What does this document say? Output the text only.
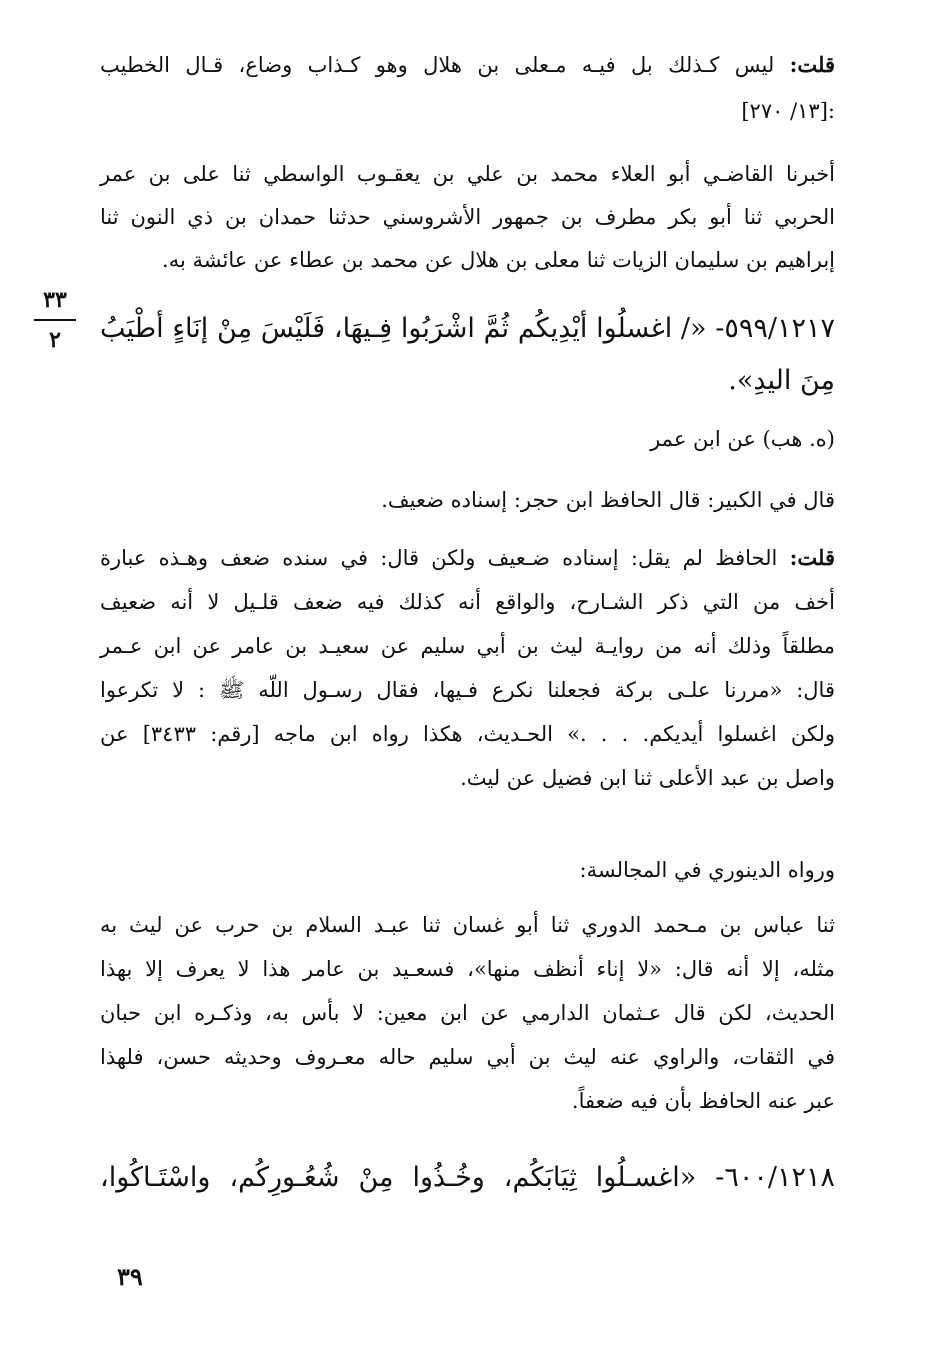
٣٣
٢
قلت: ليس كـذلك بل فيـه مـعلى بن هلال وهو كـذاب وضاع، قـال الخطيب
:[١٣/ ٢٧٠]
أخبرنا القاضـي أبو العلاء محمد بن علي بن يعقـوب الواسطي ثنا على بن عمر
الحربي ثنا أبو بكر مطرف بن جمهور الأشروسني حدثنا حمدان بن ذي النون ثنا
إبراهيم بن سليمان الزيات ثنا معلى بن هلال عن محمد بن عطاء عن عائشة به.
٥٩٩/١٢١٧- «/ اغسلُوا أيْدِيكُم ثُمَّ اشْرَبُوا فِـيهَا، فَلَيْسَ مِنْ إنَاءٍ أطْيَبُ
مِنَ اليدِ».
(ه. هب) عن ابن عمر
قال في الكبير: قال الحافظ ابن حجر: إسناده ضعيف.
قلت: الحافظ لم يقل: إسناده ضـعيف ولكن قال: في سنده ضعف وهـذه عبارة
أخف من التي ذكر الشـارح، والواقع أنه كذلك فيه ضعف قلـيل لا أنه ضعيف
مطلقاً وذلك أنه من روايـة ليث بن أبي سليم عن سعيـد بن عامر عن ابن عـمر
قال: «مررنا علـى بركة فجعلنا نكرع فـيها، فقال رسـول اللّه ﷺ : لا تكرعوا
ولكن اغسلوا أيديكم. . . .» الحـديث، هكذا رواه ابن ماجه [رقم: ٣٤٣٣] عن
واصل بن عبد الأعلى ثنا ابن فضيل عن ليث.
ورواه الدينوري في المجالسة:
ثنا عباس بن مـحمد الدوري ثنا أبو غسان ثنا عبـد السلام بن حرب عن ليث به
مثله، إلا أنه قال: «لا إناء أنظف منها»، فسعـيد بن عامر هذا لا يعرف إلا بهذا
الحديث، لكن قال عـثمان الدارمي عن ابن معين: لا بأس به، وذكـره ابن حبان
في الثقات، والراوي عنه ليث بن أبي سليم حاله معـروف وحديثه حسن، فلهذا
عبر عنه الحافظ بأن فيه ضعفاً.
٦٠٠/١٢١٨- «اغسـلُوا ثِيَابَكُم، وخُـذُوا مِنْ شُعُـورِكُم، واسْتَـاكُوا،
٣٩
